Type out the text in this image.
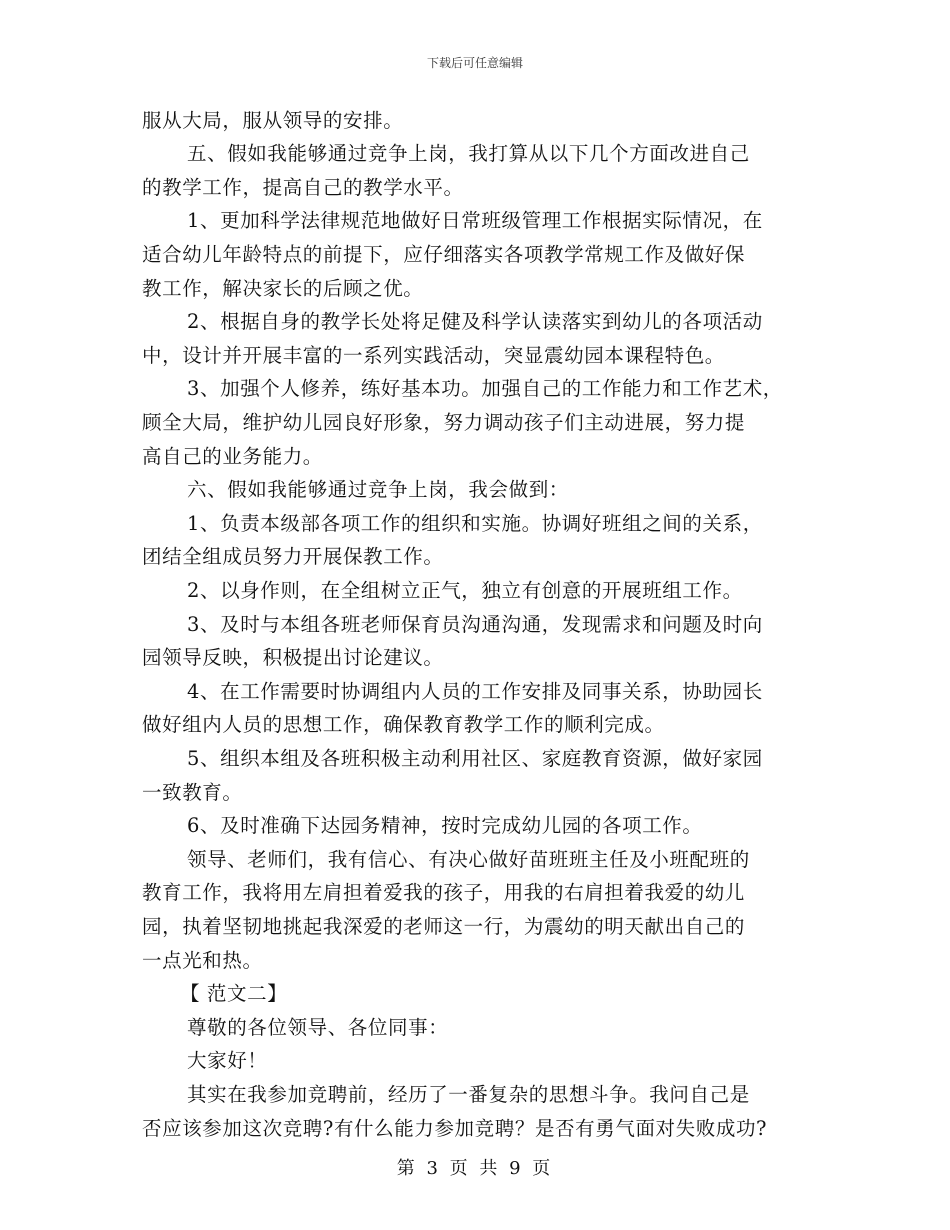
下载后可任意编辑
服从大局，服从领导的安排。
五、假如我能够通过竞争上岗，我打算从以下几个方面改进自己
的教学工作，提高自己的教学水平。
1、更加科学法律规范地做好日常班级管理工作根据实际情况，在
适合幼儿年龄特点的前提下，应仔细落实各项教学常规工作及做好保
教工作，解决家长的后顾之优。
2、根据自身的教学长处将足健及科学认读落实到幼儿的各项活动
中，设计并开展丰富的一系列实践活动，突显震幼园本课程特色。
3、加强个人修养，练好基本功。加强自己的工作能力和工作艺术，
顾全大局，维护幼儿园良好形象，努力调动孩子们主动进展，努力提
高自己的业务能力。
六、假如我能够通过竞争上岗，我会做到：
1、负责本级部各项工作的组织和实施。协调好班组之间的关系，
团结全组成员努力开展保教工作。
2、以身作则，在全组树立正气，独立有创意的开展班组工作。
3、及时与本组各班老师保育员沟通沟通，发现需求和问题及时向
园领导反映，积极提出讨论建议。
4、在工作需要时协调组内人员的工作安排及同事关系，协助园长
做好组内人员的思想工作，确保教育教学工作的顺利完成。
5、组织本组及各班积极主动利用社区、家庭教育资源，做好家园
一致教育。
6、及时准确下达园务精神，按时完成幼儿园的各项工作。
领导、老师们，我有信心、有决心做好苗班班主任及小班配班的
教育工作，我将用左肩担着爱我的孩子，用我的右肩担着我爱的幼儿
园，执着坚韧地挑起我深爱的老师这一行，为震幼的明天献出自己的
一点光和热。
【 范文二】
尊敬的各位领导、各位同事：
大家好！
其实在我参加竞聘前，经历了一番复杂的思想斗争。我问自己是
否应该参加这次竞聘?有什么能力参加竞聘？是否有勇气面对失败成功?
第 3 页 共 9 页
